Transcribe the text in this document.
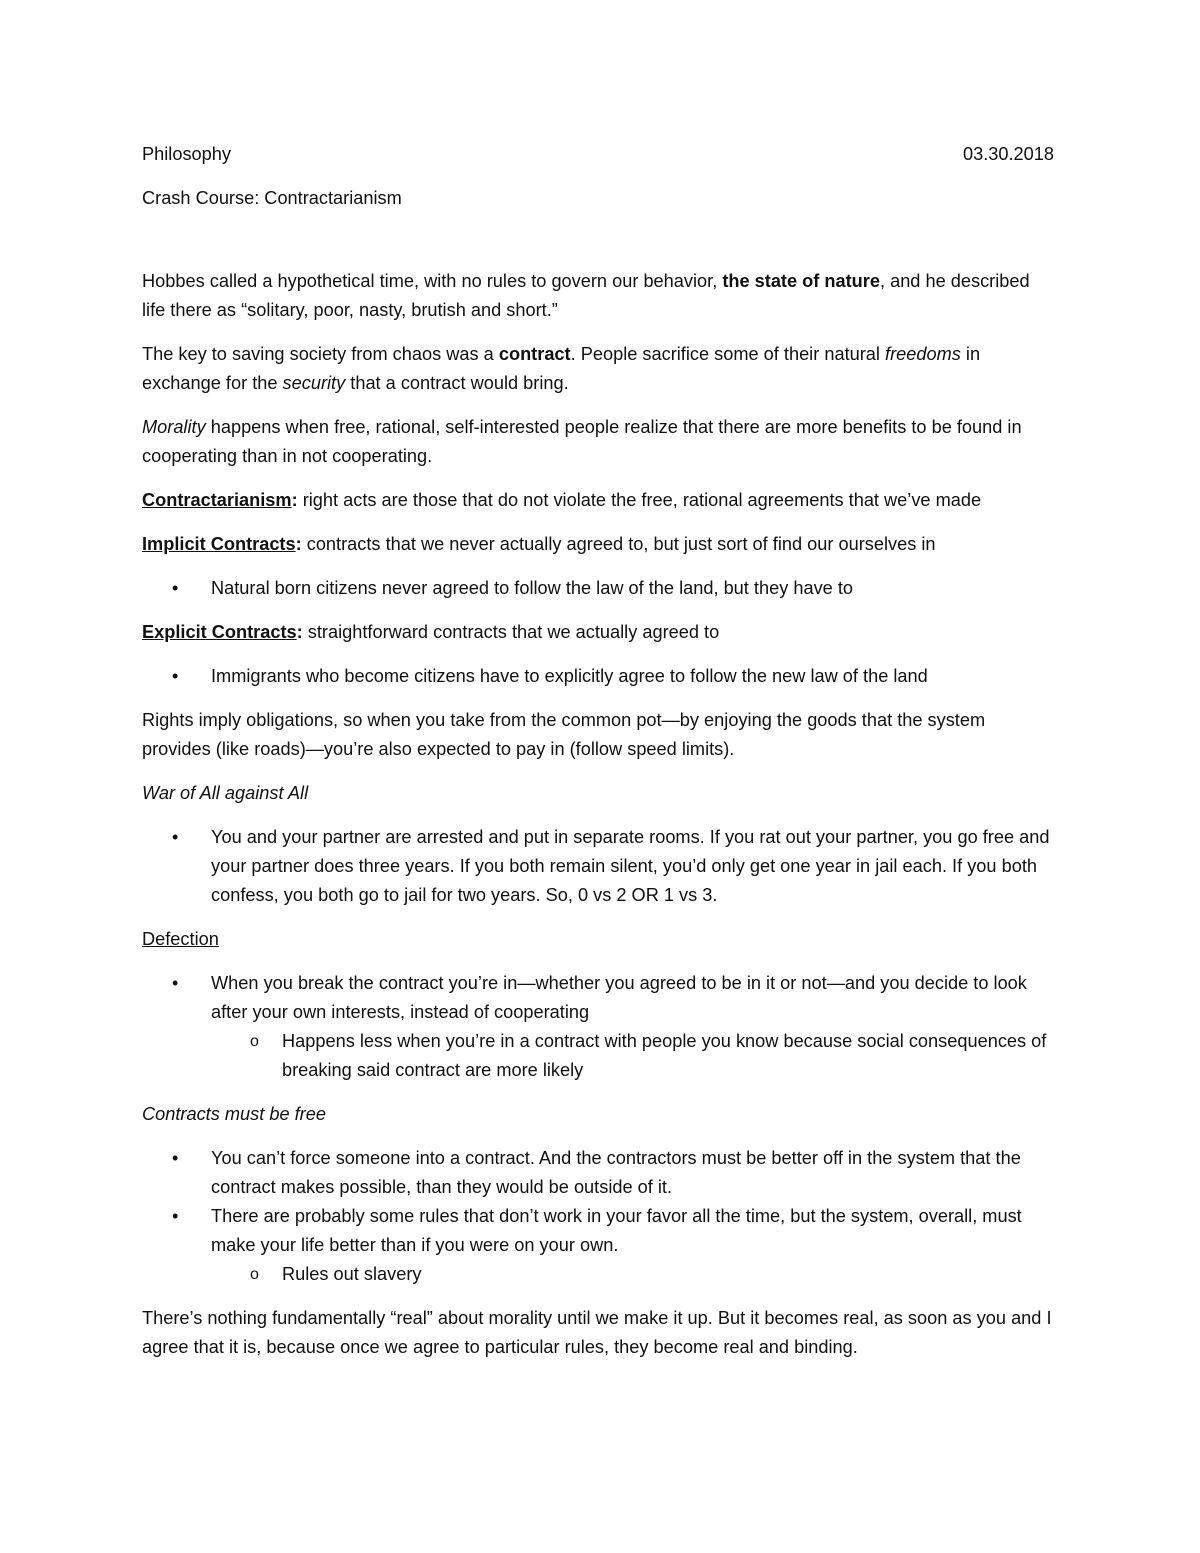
Philosophy	03.30.2018

Crash Course: Contractarianism

Hobbes called a hypothetical time, with no rules to govern our behavior, the state of nature, and he described life there as “solitary, poor, nasty, brutish and short.”

The key to saving society from chaos was a contract. People sacrifice some of their natural freedoms in exchange for the security that a contract would bring.

Morality happens when free, rational, self-interested people realize that there are more benefits to be found in cooperating than in not cooperating.

Contractarianism: right acts are those that do not violate the free, rational agreements that we’ve made

Implicit Contracts: contracts that we never actually agreed to, but just sort of find our ourselves in

• Natural born citizens never agreed to follow the law of the land, but they have to

Explicit Contracts: straightforward contracts that we actually agreed to

• Immigrants who become citizens have to explicitly agree to follow the new law of the land

Rights imply obligations, so when you take from the common pot—by enjoying the goods that the system provides (like roads)—you’re also expected to pay in (follow speed limits).

War of All against All

• You and your partner are arrested and put in separate rooms. If you rat out your partner, you go free and your partner does three years. If you both remain silent, you’d only get one year in jail each. If you both confess, you both go to jail for two years. So, 0 vs 2 OR 1 vs 3.

Defection

• When you break the contract you’re in—whether you agreed to be in it or not—and you decide to look after your own interests, instead of cooperating
o Happens less when you’re in a contract with people you know because social consequences of breaking said contract are more likely

Contracts must be free

• You can’t force someone into a contract. And the contractors must be better off in the system that the contract makes possible, than they would be outside of it.
• There are probably some rules that don’t work in your favor all the time, but the system, overall, must make your life better than if you were on your own.
o Rules out slavery

There’s nothing fundamentally “real” about morality until we make it up. But it becomes real, as soon as you and I agree that it is, because once we agree to particular rules, they become real and binding.
